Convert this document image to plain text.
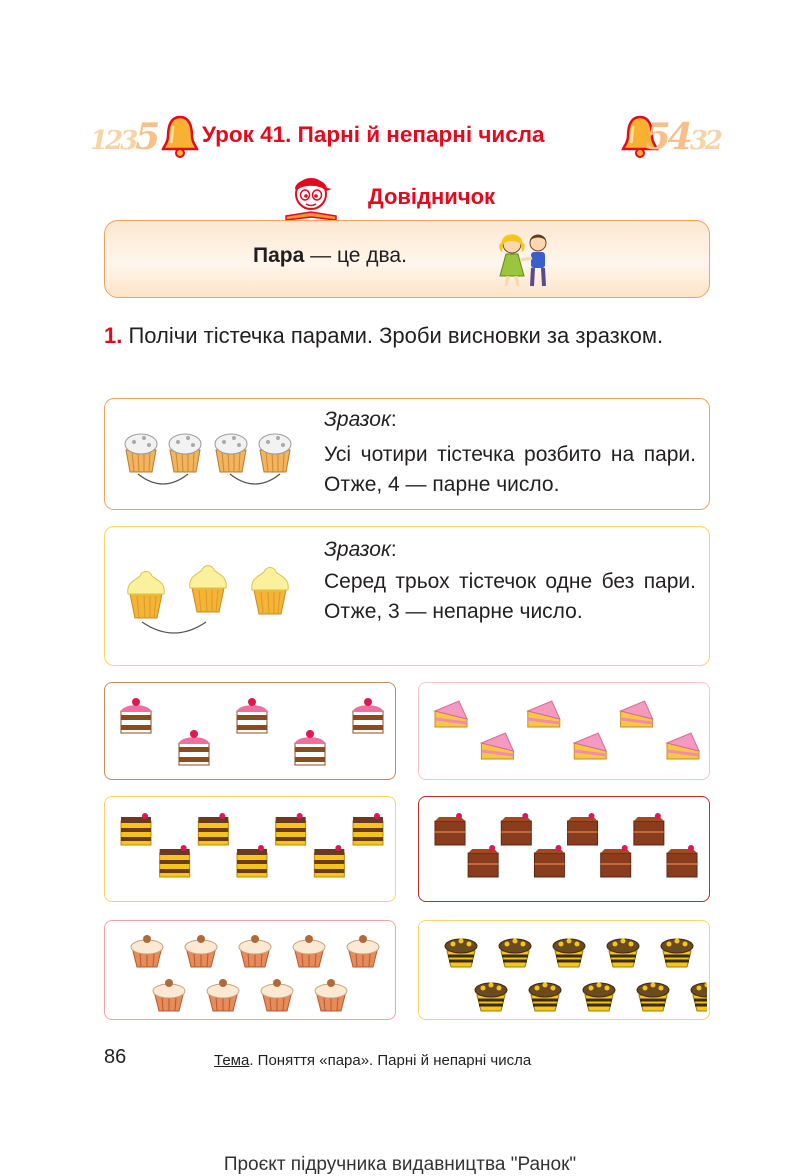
1235 Урок 41. Парні й непарні числа	5432
Довідничок
Пара — це два.
1. Полічи тістечка парами. Зроби висновки за зразком.
Зразок:
Усі чотири тістечка розбито на пари. Отже, 4 — парне число.
Зразок:
Серед трьох тістечок одне без пари. Отже, 3 — непарне число.
86	Тема. Поняття «пара». Парні й непарні числа
Проєкт підручника видавництва "Ранок"
